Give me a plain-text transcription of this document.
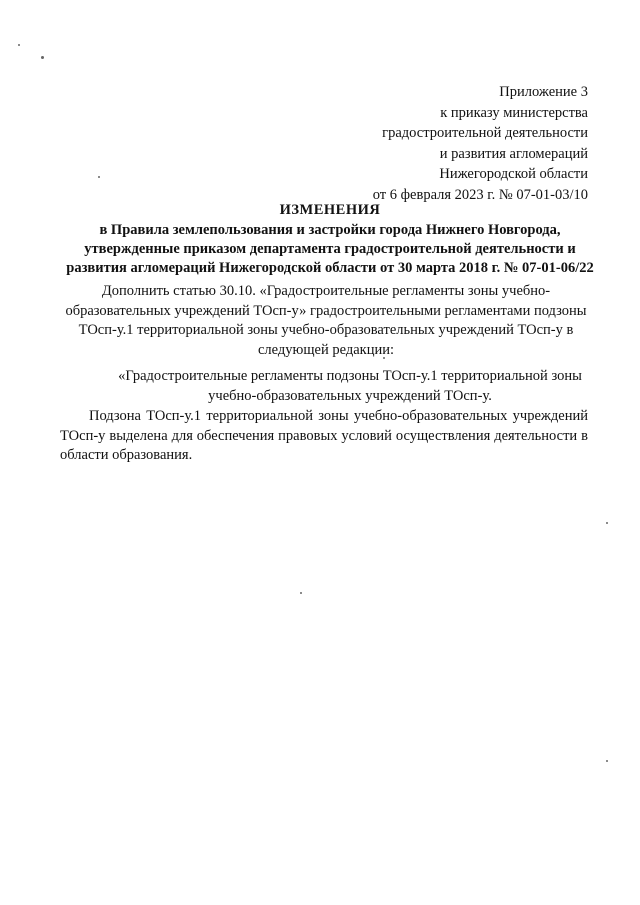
Приложение 3
к приказу министерства
градостроительной деятельности
и развития агломераций
Нижегородской области
от 6 февраля 2023 г. № 07-01-03/10
ИЗМЕНЕНИЯ
в Правила землепользования и застройки города Нижнего Новгорода,
утвержденные приказом департамента градостроительной деятельности и
развития агломераций Нижегородской области от 30 марта 2018 г. № 07-01-06/22
Дополнить статью 30.10. «Градостроительные регламенты зоны учебно-
образовательных учреждений ТОсп-у» градостроительными регламентами подзоны
ТОсп-у.1 территориальной зоны учебно-образовательных учреждений ТОсп-у в
следующей редакции:
«Градостроительные регламенты подзоны ТОсп-у.1 территориальной зоны
учебно-образовательных учреждений ТОсп-у.
Подзона ТОсп-у.1 территориальной зоны учебно-образовательных учреждений
ТОсп-у выделена для обеспечения правовых условий осуществления деятельности в
области образования.
